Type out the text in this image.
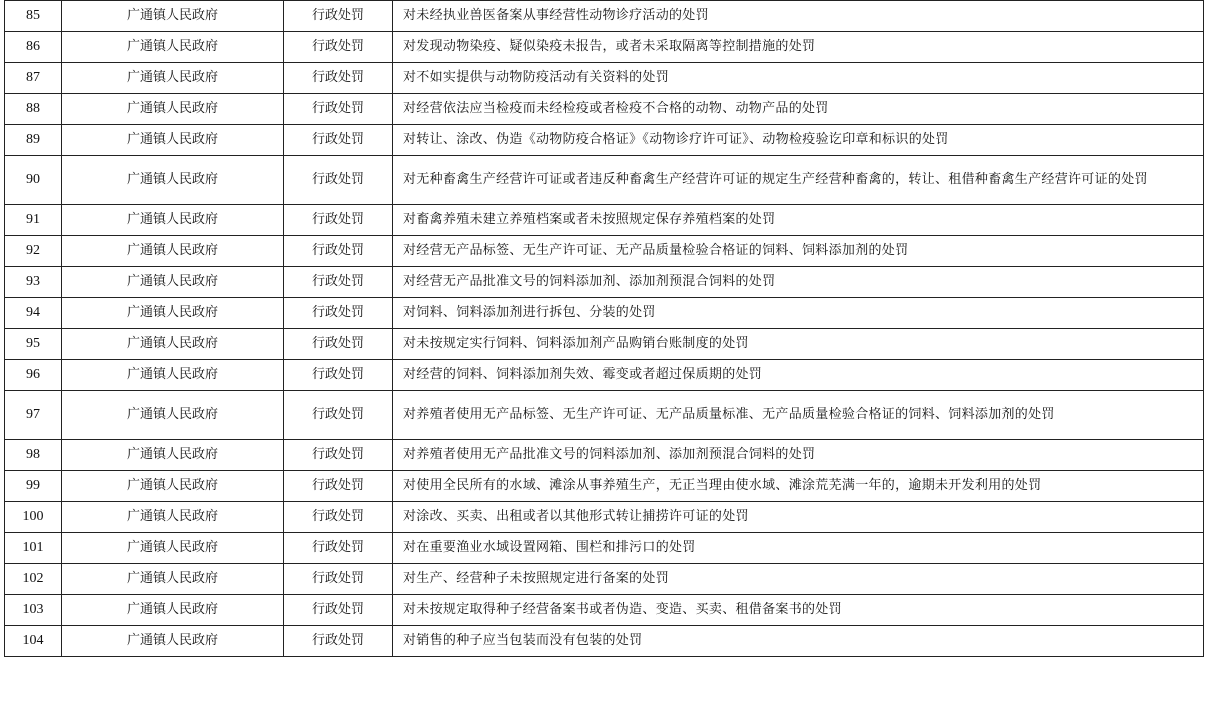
85	广通镇人民政府	行政处罚	对未经执业兽医备案从事经营性动物诊疗活动的处罚
86	广通镇人民政府	行政处罚	对发现动物染疫、疑似染疫未报告，或者未采取隔离等控制措施的处罚
87	广通镇人民政府	行政处罚	对不如实提供与动物防疫活动有关资料的处罚
88	广通镇人民政府	行政处罚	对经营依法应当检疫而未经检疫或者检疫不合格的动物、动物产品的处罚
89	广通镇人民政府	行政处罚	对转让、涂改、伪造《动物防疫合格证》《动物诊疗许可证》、动物检疫验讫印章和标识的处罚
90	广通镇人民政府	行政处罚	对无种畜禽生产经营许可证或者违反种畜禽生产经营许可证的规定生产经营种畜禽的，转让、租借种畜禽生产经营许可证的处罚
91	广通镇人民政府	行政处罚	对畜禽养殖未建立养殖档案或者未按照规定保存养殖档案的处罚
92	广通镇人民政府	行政处罚	对经营无产品标签、无生产许可证、无产品质量检验合格证的饲料、饲料添加剂的处罚
93	广通镇人民政府	行政处罚	对经营无产品批准文号的饲料添加剂、添加剂预混合饲料的处罚
94	广通镇人民政府	行政处罚	对饲料、饲料添加剂进行拆包、分装的处罚
95	广通镇人民政府	行政处罚	对未按规定实行饲料、饲料添加剂产品购销台账制度的处罚
96	广通镇人民政府	行政处罚	对经营的饲料、饲料添加剂失效、霉变或者超过保质期的处罚
97	广通镇人民政府	行政处罚	对养殖者使用无产品标签、无生产许可证、无产品质量标准、无产品质量检验合格证的饲料、饲料添加剂的处罚
98	广通镇人民政府	行政处罚	对养殖者使用无产品批准文号的饲料添加剂、添加剂预混合饲料的处罚
99	广通镇人民政府	行政处罚	对使用全民所有的水域、滩涂从事养殖生产，无正当理由使水域、滩涂荒芜满一年的，逾期未开发利用的处罚
100	广通镇人民政府	行政处罚	对涂改、买卖、出租或者以其他形式转让捕捞许可证的处罚
101	广通镇人民政府	行政处罚	对在重要渔业水域设置网箱、围栏和排污口的处罚
102	广通镇人民政府	行政处罚	对生产、经营种子未按照规定进行备案的处罚
103	广通镇人民政府	行政处罚	对未按规定取得种子经营备案书或者伪造、变造、买卖、租借备案书的处罚
104	广通镇人民政府	行政处罚	对销售的种子应当包装而没有包装的处罚
